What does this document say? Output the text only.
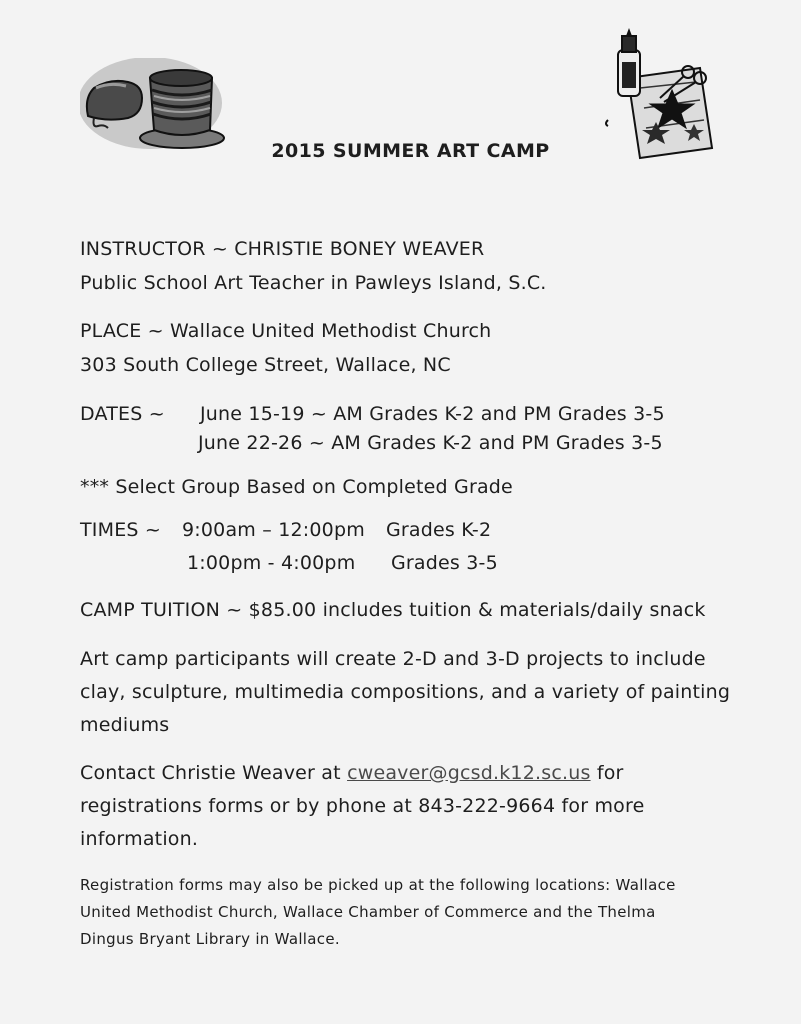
2015 SUMMER ART CAMP
INSTRUCTOR ~ CHRISTIE BONEY WEAVER
Public School Art Teacher in Pawleys Island, S.C.
PLACE ~ Wallace United Methodist Church
303 South College Street, Wallace, NC
DATES ~ June 15-19 ~ AM Grades K-2 and PM Grades 3-5
June 22-26 ~ AM Grades K-2 and PM Grades 3-5
*** Select Group Based on Completed Grade
TIMES ~ 9:00am – 12:00pm Grades K-2
1:00pm - 4:00pm Grades 3-5
CAMP TUITION ~ $85.00 includes tuition & materials/daily snack
Art camp participants will create 2-D and 3-D projects to include
clay, sculpture, multimedia compositions, and a variety of painting
mediums
Contact Christie Weaver at cweaver@gcsd.k12.sc.us for
registrations forms or by phone at 843-222-9664 for more
information.
Registration forms may also be picked up at the following locations: Wallace
United Methodist Church, Wallace Chamber of Commerce and the Thelma
Dingus Bryant Library in Wallace.
